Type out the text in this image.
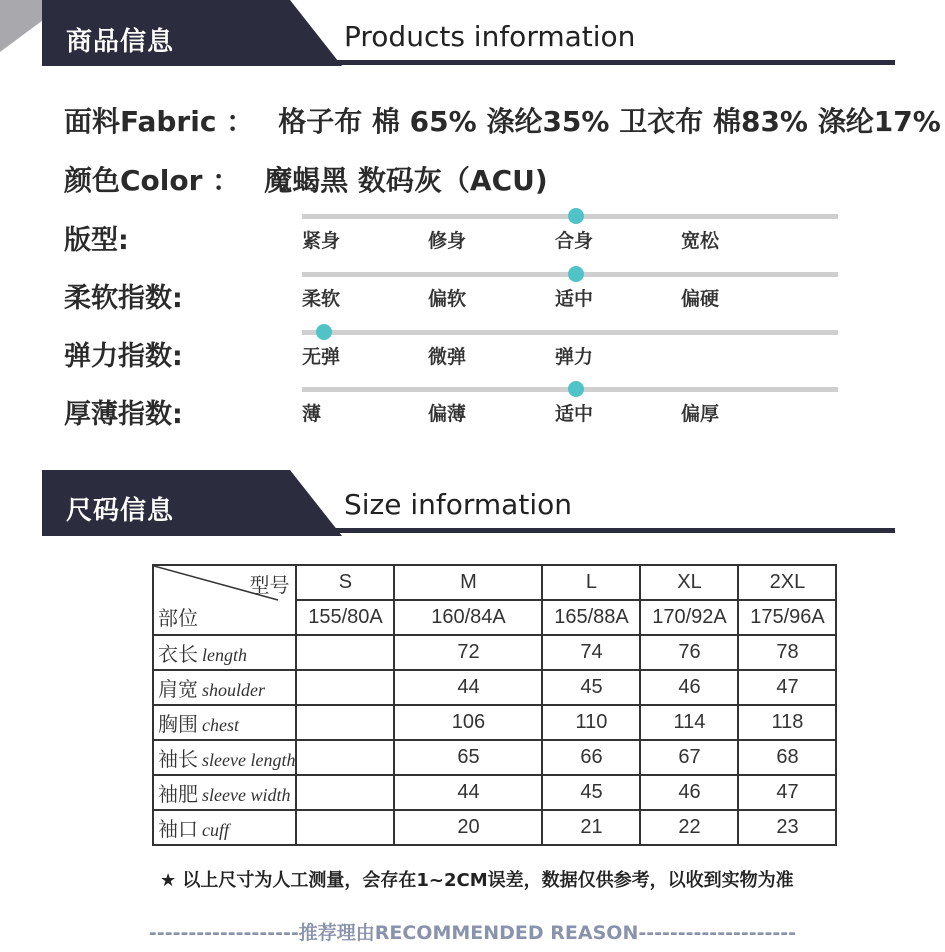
商品信息	Products information
面料Fabric ： 格子布 棉 65% 涤纶35% 卫衣布 棉83% 涤纶17%
颜色Color ： 魔蝎黑 数码灰（ACU)
版型:	紧身	修身	合身	宽松
柔软指数:	柔软	偏软	适中	偏硬
弹力指数:	无弹	微弹	弹力
厚薄指数:	薄	偏薄	适中	偏厚
尺码信息	Size information
型号
部位	S	M	L	XL	2XL
	155/80A	160/84A	165/88A	170/92A	175/96A
衣长 length		72	74	76	78
肩宽 shoulder		44	45	46	47
胸围 chest		106	110	114	118
袖长 sleeve length		65	66	67	68
袖肥 sleeve width		44	45	46	47
袖口 cuff		20	21	22	23
★ 以上尺寸为人工测量，会存在1~2CM误差，数据仅供参考，以收到实物为准
-------------------推荐理由RECOMMENDED REASON--------------------
